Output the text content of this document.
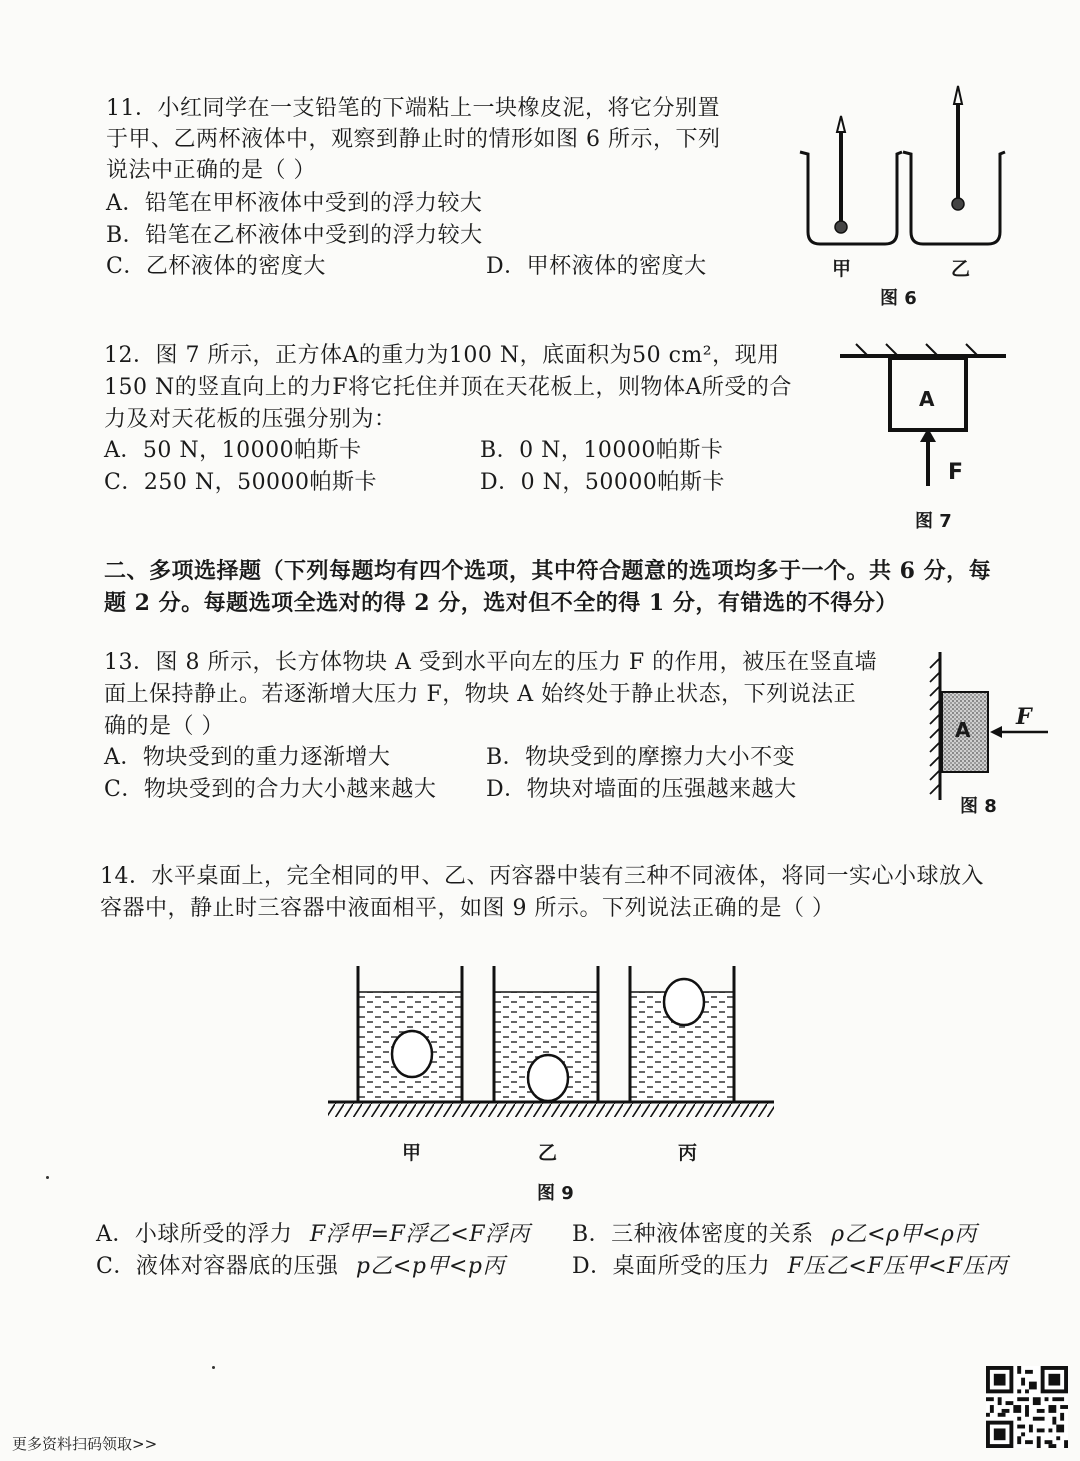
11．小红同学在一支铅笔的下端粘上一块橡皮泥，将它分别置
于甲、乙两杯液体中，观察到静止时的情形如图 6 所示，下列
说法中正确的是（ ）
A．铅笔在甲杯液体中受到的浮力较大
B．铅笔在乙杯液体中受到的浮力较大
C．乙杯液体的密度大	D．甲杯液体的密度大	甲	乙
图 6
12．图 7 所示，正方体A的重力为100 N，底面积为50 cm²，现用
150 N的竖直向上的力F将它托住并顶在天花板上，则物体A所受的合
力及对天花板的压强分别为：
A．50 N，10000帕斯卡	B．0 N，10000帕斯卡
C．250 N，50000帕斯卡	D．0 N，50000帕斯卡
A
F
图 7
二、多项选择题（下列每题均有四个选项，其中符合题意的选项均多于一个。共 6 分，每
题 2 分。每题选项全选对的得 2 分，选对但不全的得 1 分，有错选的不得分）
13．图 8 所示，长方体物块 A 受到水平向左的压力 F 的作用，被压在竖直墙
面上保持静止。若逐渐增大压力 F，物块 A 始终处于静止状态，下列说法正
确的是（ ）
A．物块受到的重力逐渐增大	B．物块受到的摩擦力大小不变
C．物块受到的合力大小越来越大 D．物块对墙面的压强越来越大
A F
图 8
14．水平桌面上，完全相同的甲、乙、丙容器中装有三种不同液体，将同一实心小球放入
容器中，静止时三容器中液面相平，如图 9 所示。下列说法正确的是（ ）
甲	乙	丙
图 9
A．小球所受的浮力 F浮甲=F浮乙<F浮丙 B．三种液体密度的关系 ρ乙<ρ甲<ρ丙
C．液体对容器底的压强 p乙<p甲<p丙	D．桌面所受的压力 F压乙<F压甲<F压丙
更多资料扫码领取>>
